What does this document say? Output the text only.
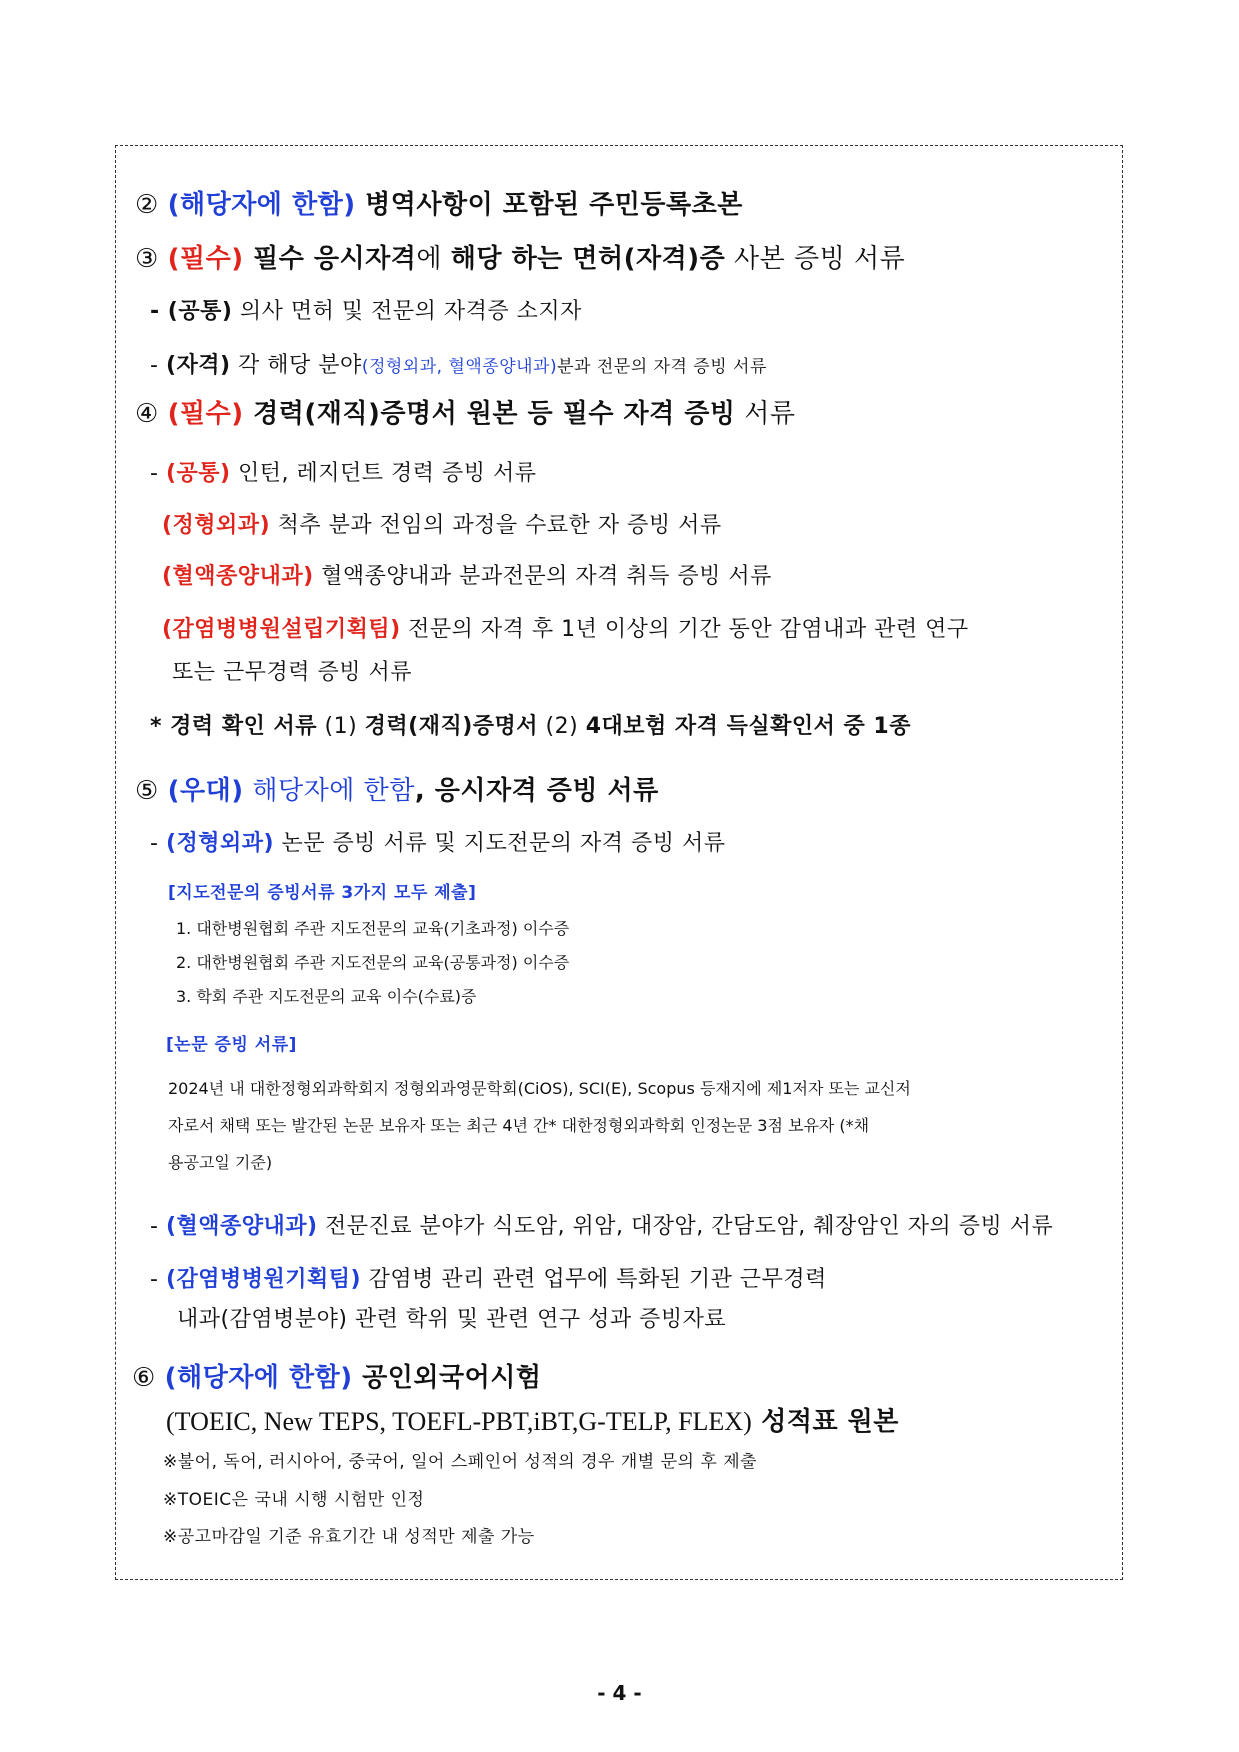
② (해당자에 한함) 병역사항이 포함된 주민등록초본
③ (필수) 필수 응시자격에 해당 하는 면허(자격)증 사본 증빙 서류
- (공통) 의사 면허 및 전문의 자격증 소지자
- (자격) 각 해당 분야(정형외과, 혈액종양내과)분과 전문의 자격 증빙 서류
④ (필수) 경력(재직)증명서 원본 등 필수 자격 증빙 서류
- (공통) 인턴, 레지던트 경력 증빙 서류
(정형외과) 척추 분과 전임의 과정을 수료한 자 증빙 서류
(혈액종양내과) 혈액종양내과 분과전문의 자격 취득 증빙 서류
(감염병병원설립기획팀) 전문의 자격 후 1년 이상의 기간 동안 감염내과 관련 연구
또는 근무경력 증빙 서류
* 경력 확인 서류 (1) 경력(재직)증명서 (2) 4대보험 자격 득실확인서 중 1종
⑤ (우대) 해당자에 한함, 응시자격 증빙 서류
- (정형외과) 논문 증빙 서류 및 지도전문의 자격 증빙 서류
[지도전문의 증빙서류 3가지 모두 제출]
1. 대한병원협회 주관 지도전문의 교육(기초과정) 이수증
2. 대한병원협회 주관 지도전문의 교육(공통과정) 이수증
3. 학회 주관 지도전문의 교육 이수(수료)증
[논문 증빙 서류]
2024년 내 대한정형외과학회지 정형외과영문학회(CiOS), SCI(E), Scopus 등재지에 제1저자 또는 교신저
자로서 채택 또는 발간된 논문 보유자 또는 최근 4년 간* 대한정형외과학회 인정논문 3점 보유자 (*채
용공고일 기준)
- (혈액종양내과) 전문진료 분야가 식도암, 위암, 대장암, 간담도암, 췌장암인 자의 증빙 서류
- (감염병병원기획팀) 감염병 관리 관련 업무에 특화된 기관 근무경력
내과(감염병분야) 관련 학위 및 관련 연구 성과 증빙자료
⑥ (해당자에 한함) 공인외국어시험
(TOEIC, New TEPS, TOEFL-PBT,iBT,G-TELP, FLEX) 성적표 원본
※불어, 독어, 러시아어, 중국어, 일어 스페인어 성적의 경우 개별 문의 후 제출
※TOEIC은 국내 시행 시험만 인정
※공고마감일 기준 유효기간 내 성적만 제출 가능
- 4 -
